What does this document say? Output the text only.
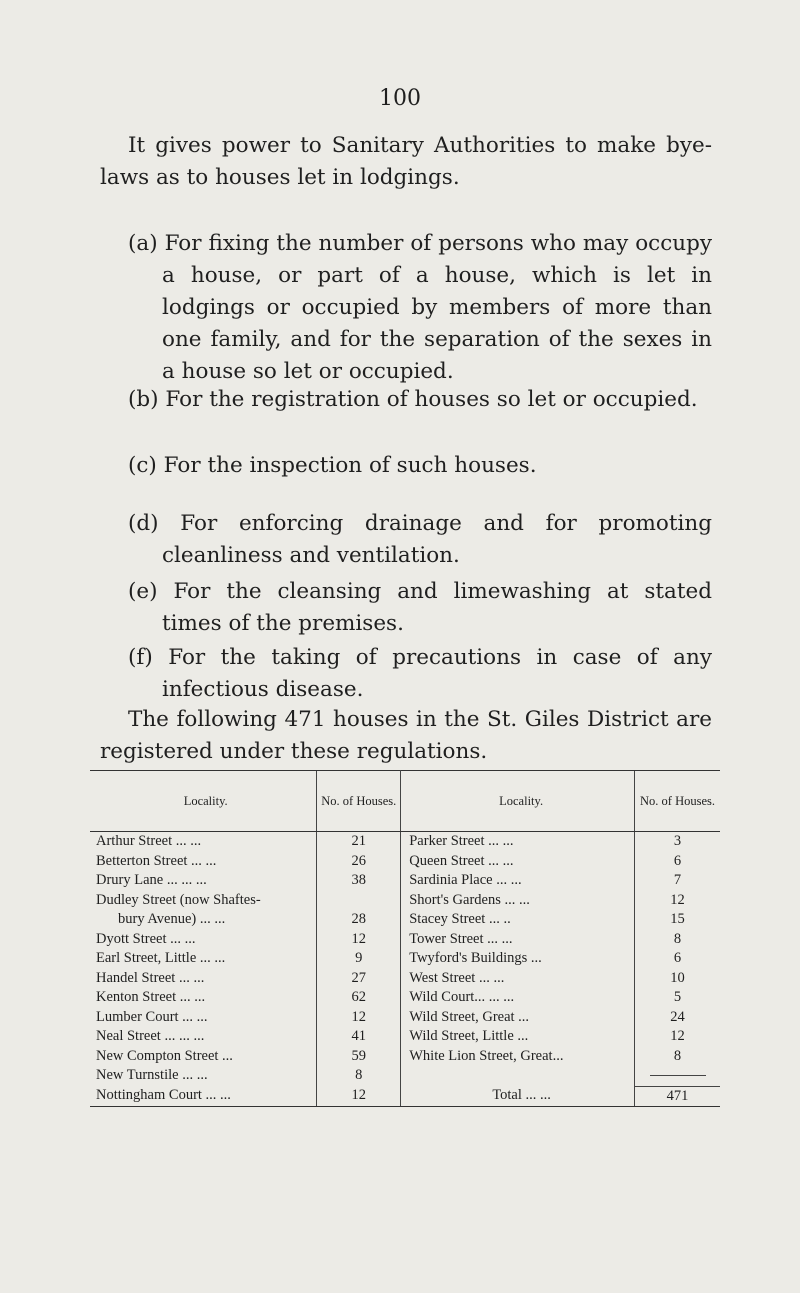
100

It gives power to Sanitary Authorities to make bye-laws as to houses let in lodgings.

(a) For fixing the number of persons who may occupy a house, or part of a house, which is let in lodgings or occupied by members of more than one family, and for the separation of the sexes in a house so let or occupied.
(b) For the registration of houses so let or occupied.
(c) For the inspection of such houses.
(d) For enforcing drainage and for promoting cleanliness and ventilation.
(e) For the cleansing and limewashing at stated times of the premises.
(f) For the taking of precautions in case of any infectious disease.

The following 471 houses in the St. Giles District are registered under these regulations.

Locality.	No. of Houses.	Locality.	No. of Houses.
Arthur Street ... ...	21	Parker Street ... ...	3
Betterton Street ... ...	26	Queen Street ... ...	6
Drury Lane ... ... ...	38	Sardinia Place ... ...	7
Dudley Street (now Shaftes-		Short's Gardens ... ...	12
bury Avenue) ... ...	28	Stacey Street ... ..	15
Dyott Street ... ...	12	Tower Street ... ...	8
Earl Street, Little ... ...	9	Twyford's Buildings ...	6
Handel Street ... ...	27	West Street ... ...	10
Kenton Street ... ...	62	Wild Court... ... ...	5
Lumber Court ... ...	12	Wild Street, Great ...	24
Neal Street ... ... ...	41	Wild Street, Little ...	12
New Compton Street ...	59	White Lion Street, Great...	8
New Turnstile ... ...	8		
Nottingham Court ... ...	12	Total ... ...	471
